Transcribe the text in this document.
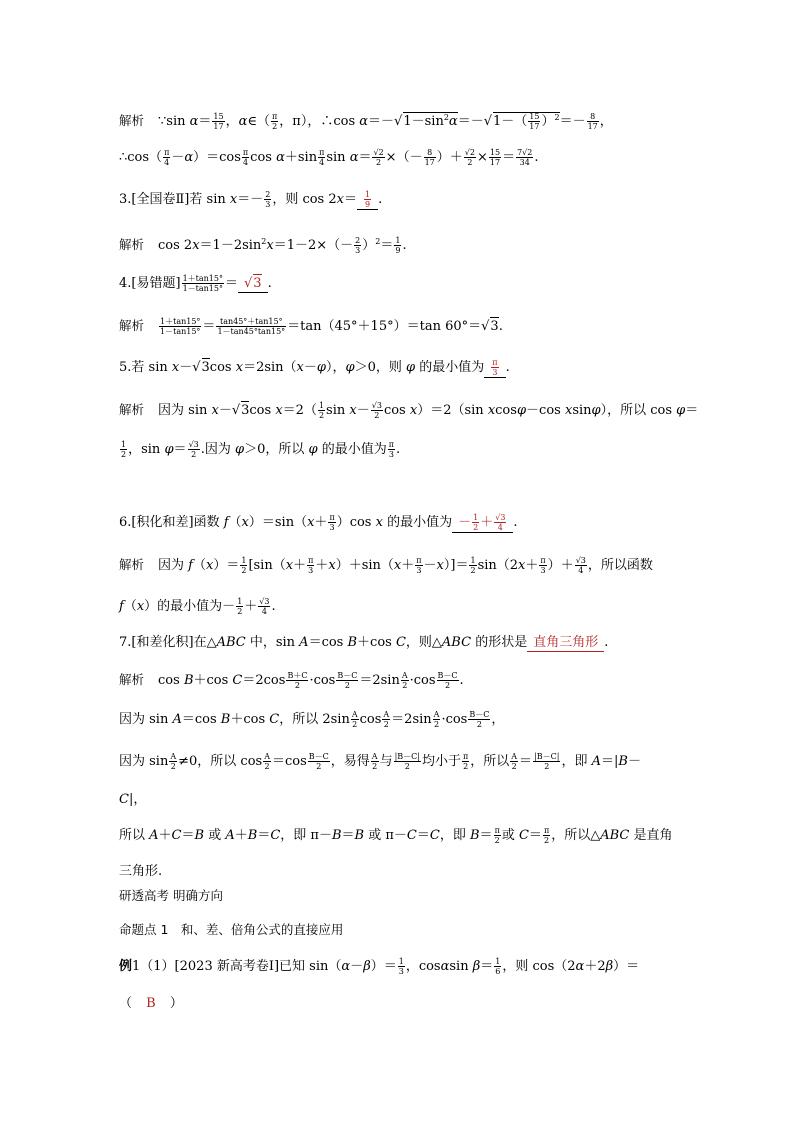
解析 ∵sin $\alpha= \frac{15}{17}$ ，α∈（ $\frac{\pi}{2}$ ，π），∴cos $\alpha=-√1-\sin^2\alpha=-√1-( \frac{15}{17} )^2=- \frac{8}{17}$ ，
∴cos（ $\frac{\pi}{4} -\alpha)=\cos \frac{\pi}{4}$ $\cos \alpha+\sin \frac{\pi}{4}$ $\sin \alpha= \frac{√2}{2}$ ×（－ $\frac{8}{17}$ ）＋ $\frac{√2}{2} \times \frac{15}{17} = \frac{7√2}{34}$ .
3.[全国卷Ⅱ]若 $\sin x=- \frac{2}{3}$ ，则 $\cos 2x= \frac{1}{9}$ .
解析 $\cos 2x=1-2\sin^2x=1-2\times(- \frac{2}{3} )^2= \frac{1}{9}$ .
4.[易错题] $\frac{1+\tan 15^\circ}{1-\tan 15^\circ} = √3$ .
解析 $\frac{1+\tan 15^\circ}{1-\tan 15^\circ} = \frac{\tan 45^\circ+\tan 15^\circ}{1-\tan 45^\circ\tan 15^\circ} =\tan(45^\circ+15^\circ)=\tan$ 60°＝√3.
5.若 sin x－√3cos x＝2sin（x－φ），φ＞0，则 φ 的最小值为 $\frac{\pi}{3}$ .
解析 因为 sin x－√3cos $x=2( \frac{1}{2}$ $\sin x- \frac{√3}{2}$ cos x）＝2（sin xcosφ－cos xsinφ），所以 cos φ＝
$\frac{1}{2}$ ，$\sin \varphi= \frac{√3}{2}$ .因为 φ＞0，所以 φ 的最小值为 $\frac{\pi}{3}$ .
6.[积化和差]函数 $f(x)=\sin(x+ \frac{\pi}{3} )\cos$ x 的最小值为 － $\frac{1}{2} + \frac{√3}{4}$ .
解析 因为 $f(x)= \frac{1}{2} [\sin(x+ \frac{\pi}{3} +x)+\sin(x+ \frac{\pi}{3} -x)]= \frac{1}{2} \sin(2x+ \frac{\pi}{3}$ ）＋ $\frac{√3}{4}$ ，所以函数
f（x）的最小值为－ $\frac{1}{2} + \frac{√3}{4}$ .
7.[和差化积]在△ABC 中，sin A＝cos B＋cos C，则△ABC 的形状是 直角三角形 .
解析 cos B＋cos $C=2\cos \frac{B+C}{2} \cdot\cos \frac{B-C}{2} =2\sin \frac{A}{2} \cdot\cos \frac{B-C}{2}$ .
因为 sin A＝cos B＋cos C，所以 $2\sin \frac{A}{2}$ $\cos \frac{A}{2} =2\sin \frac{A}{2} \cdot\cos \frac{B-C}{2}$ ，
因为 $\sin \frac{A}{2} \ne 0$，所以 $\cos \frac{A}{2} =\cos \frac{B-C}{2}$ ，易得 $\frac{A}{2}$ 与 $\frac{|B-C|}{2}$ 均小于 $\frac{\pi}{2}$ ，所以 $\frac{A}{2} = \frac{|B-C|}{2}$ ，即 A＝|B－
C|，
所以 A＋C＝B 或 A＋B＝C，即 π－B＝B 或 π－C＝C，即 $B= \frac{\pi}{2}$ 或 $C= \frac{\pi}{2}$ ，所以△ABC 是直角
三角形.
研透高考 明确方向
命题点 1　和、差、倍角公式的直接应用
例1（1）[2023 新高考卷Ⅰ]已知 $\sin(\alpha-\beta)= \frac{1}{3}$ ，cosαsin $\beta= \frac{1}{6}$ ，则 cos（2α＋2β）＝
（ B ）
